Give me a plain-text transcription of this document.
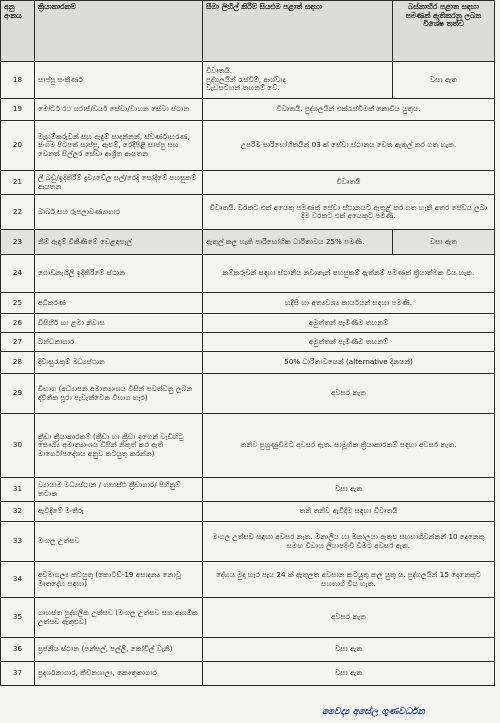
අනු අංකය	ක්‍රියාකාරකම්	සීමා ලිහිල් කිරීම් සියළුම පළාත් සඳහා	බස්නාහිර පළාත සඳහා පමණක් ඇතිකරනු ලබන විශේෂ තත්ව
18	සාප්පු සංකීර්ණ	විවෘතයි.
පුද්ගලයින් රැස්වීම්, ආශ්වාද
වැඩසටහන් තහනම් වේ.	වසා ඇත
19	මෝටර් රථ ගරාජ්/වයර් සේවා/වාහන සේවා ස්ථාන	විවෘතයි. පුද්ගලයින් එක්රැස්වීමක් නොවිය යුතුය.	
20	මැහුම්කරුවන් සහ ඇඳුම් සාදන්නන්, ස්වර්ණාභරණ, ජංගම පිටපත් සාප්පු, ඇළුම්, රෙදිපිළි සාප්පු සහ වෙනත් සිල්ලර සේවා ආශ්‍රිත ආයතන	උපරිම පාරිභෝගිකයින් 03 ක් සේවා ස්ථානය වෙත ඇතුල් කර ගත හැක.	
21	ලී බඩු/ඉදිකිරීම් ද්‍රව්‍යවේල සල්/රෙදි සෝදීමේ පහසුකම් ආයතන	විවෘතයි	
22	බාබර් සහ රූපලාවණ්‍යාගාර	විවෘතයි. වරකට එක් අයෙකු පමණක් සේවා ස්ථානයට ඇතුළ් කර ගත හැකි අතර සේවය ලබා දීම වරකට එක් අයෙකුට පමණි.	
23	නිම් ඇඳුම් විකිණීමේ වෙළඳසැල්	ඇතුල් කල හැකි පාරිභෝගික ධාරිතාවය 25% පමණි.	වසා ඇත
24	ගොඩනැගිලි ඉදිකිරීමේ ස්ථාන	කම්කරුවන් සඳහා ස්ථානීය නවාතැන් පහසුකම් ඇත්නම් පමණක් ක්‍රියාත්මක විය හැක.	
25	අධිකරණ	හදිසි හා අත්‍යවශ්‍ය කාර්යයන් සඳහා පමණි.	
26	විසිහිර් හා ළමා නිවාස	අමුත්තන් පැමිණීම තහනම්	
27	බන්ධනාගාර	අමුත්තන් පැමිණීම තහනම්	
28	දිවාසුරැකුම් මධ්‍යස්ථාන	50% ධාරිතාවයෙන් (alternative දිනයන්)	
29	විභාග (අධ්‍යාපන අමාත්‍යාංශය විසින් පවත්වනු ලබන ද්විතීක පූරා පැවැත්වෙන විභාග හැර)	අවසර නැත	
30	ක්‍රීඩා ක්‍රියාකාරකම් (ක්‍රීඩා හා ක්‍රීඩා ඉගෙන් වැඩිහිටු සෞඛ්‍ය අමාත්‍යාංශය විසින් නිකුත් කර ඇති මාර්ගෝපදේශය අනුව කටයුතු කරන්න)	තනිව පුහුණුවීමට අවසර ඇත. සාමූහික ක්‍රියාකාරකම් සඳහා අවසර නැත.	
31	ව්‍යායාම මධ්‍යස්ථාන / ගෘහස්ථ ක්‍රීඩාගාර/ පිහිනුම් තටාක	වසා ඇත	
32	ඇවිදීමේ මංතීරු	තනි තනිව ඇවිදීම සඳහා විවෘතයි	
33	මංගල උත්සව	මංගල උත්සව සඳහා අවසර නැත. මනාලිය හා මනාලයා ඇතුළු සහභාගිවන්නන් 10 දෙනෙකු සමඟ විවාහ ලියාපදිංචි වීමට අවසර ඇත.	
34	අවමංගල්‍ය කටයුතු (කොවිඩ්-19 අසාදන්‍ය නොවූ මෘතදේහ සඳහා)	දේහය මුදා හැර පැය 24 ක් ඇතුලත අවසාන කටයුතු කල යුතු ය. පුද්ගලයින් 15 දෙනෙකුට සහභාගී විය හැක.	
35	ගෘහස්ත පුද්ගලික උත්සව (මංගල උත්සව සහ ආගමික උත්සව ඇතුළුව)	අවසර නැත	
36	ප්‍රජනීය ස්ථාන (පන්සල්, පල්ලි, කෝවිල් වැනි)	වසා ඇත	
37	ප්‍රදර්ශනාගාර, කීඩනශාලා, කෞතුකාගාර	වසා ඇත	
වෛද්‍ය අසේල ගුණවර්ධන
